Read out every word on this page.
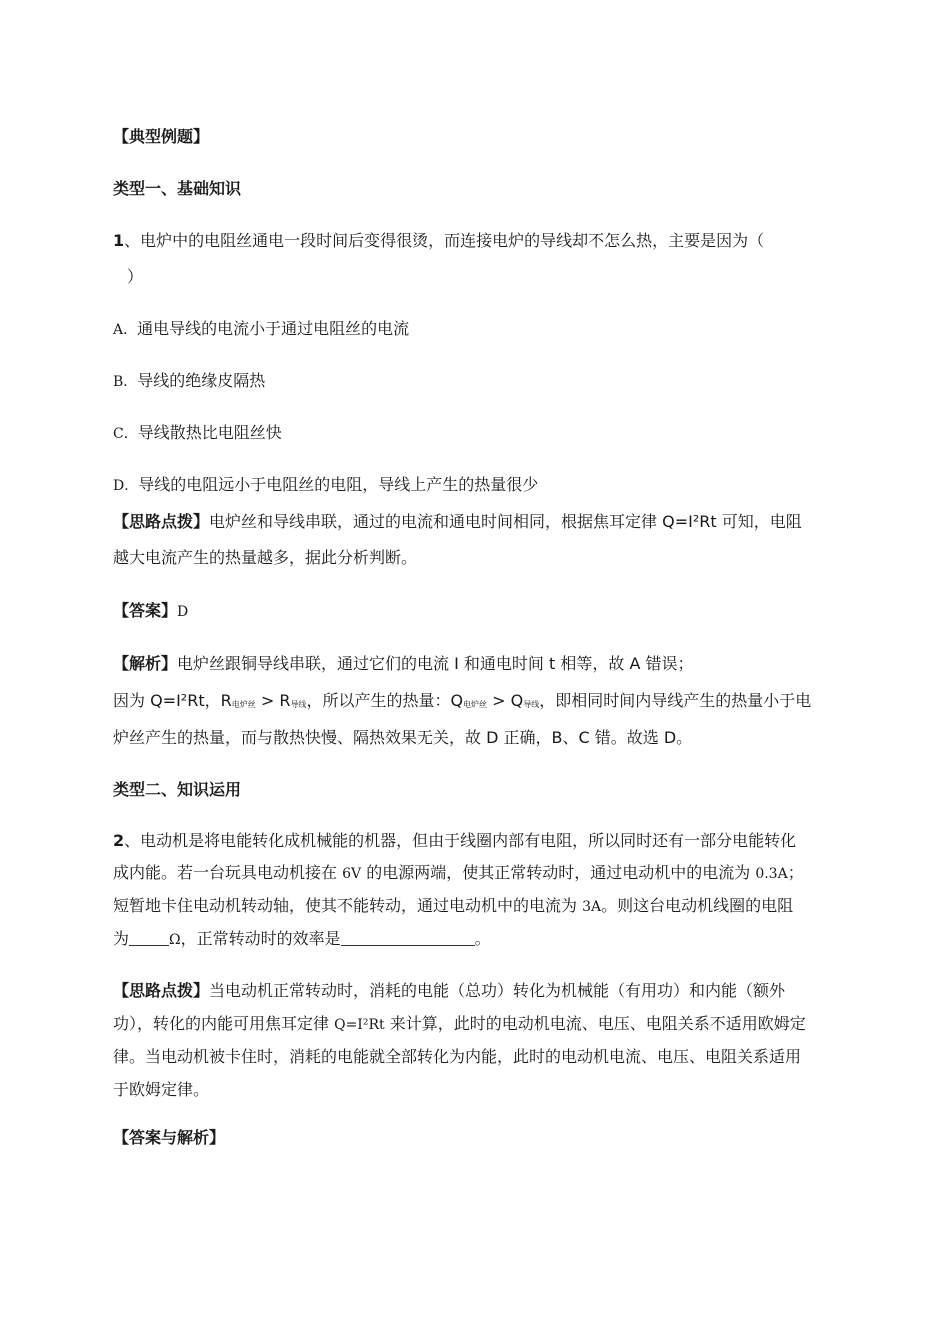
【典型例题】
类型一、基础知识
1、电炉中的电阻丝通电一段时间后变得很烫，而连接电炉的导线却不怎么热，主要是因为（
）
A．通电导线的电流小于通过电阻丝的电流
B．导线的绝缘皮隔热
C．导线散热比电阻丝快
D．导线的电阻远小于电阻丝的电阻，导线上产生的热量很少
【思路点拨】电炉丝和导线串联，通过的电流和通电时间相同，根据焦耳定律 Q=I²Rt 可知，电阻
越大电流产生的热量越多，据此分析判断。
【答案】D
【解析】电炉丝跟铜导线串联，通过它们的电流 I 和通电时间 t 相等，故 A 错误；
因为 Q=I²Rt，$R_{电炉丝} > R_{导线}$，所以产生的热量：$Q_{电炉丝} > Q_{导线}$，即相同时间内导线产生的热量小于电
炉丝产生的热量，而与散热快慢、隔热效果无关，故 D 正确，B、C 错。故选 D。
类型二、知识运用
2、电动机是将电能转化成机械能的机器，但由于线圈内部有电阻，所以同时还有一部分电能转化
成内能。若一台玩具电动机接在 6V 的电源两端，使其正常转动时，通过电动机中的电流为 0.3A；
短暂地卡住电动机转动轴，使其不能转动，通过电动机中的电流为 3A。则这台电动机线圈的电阻
为	Ω，正常转动时的效率是	。
【思路点拨】当电动机正常转动时，消耗的电能（总功）转化为机械能（有用功）和内能（额外
功），转化的内能可用焦耳定律 Q=I²Rt 来计算，此时的电动机电流、电压、电阻关系不适用欧姆定
律。当电动机被卡住时，消耗的电能就全部转化为内能，此时的电动机电流、电压、电阻关系适用
于欧姆定律。
【答案与解析】
